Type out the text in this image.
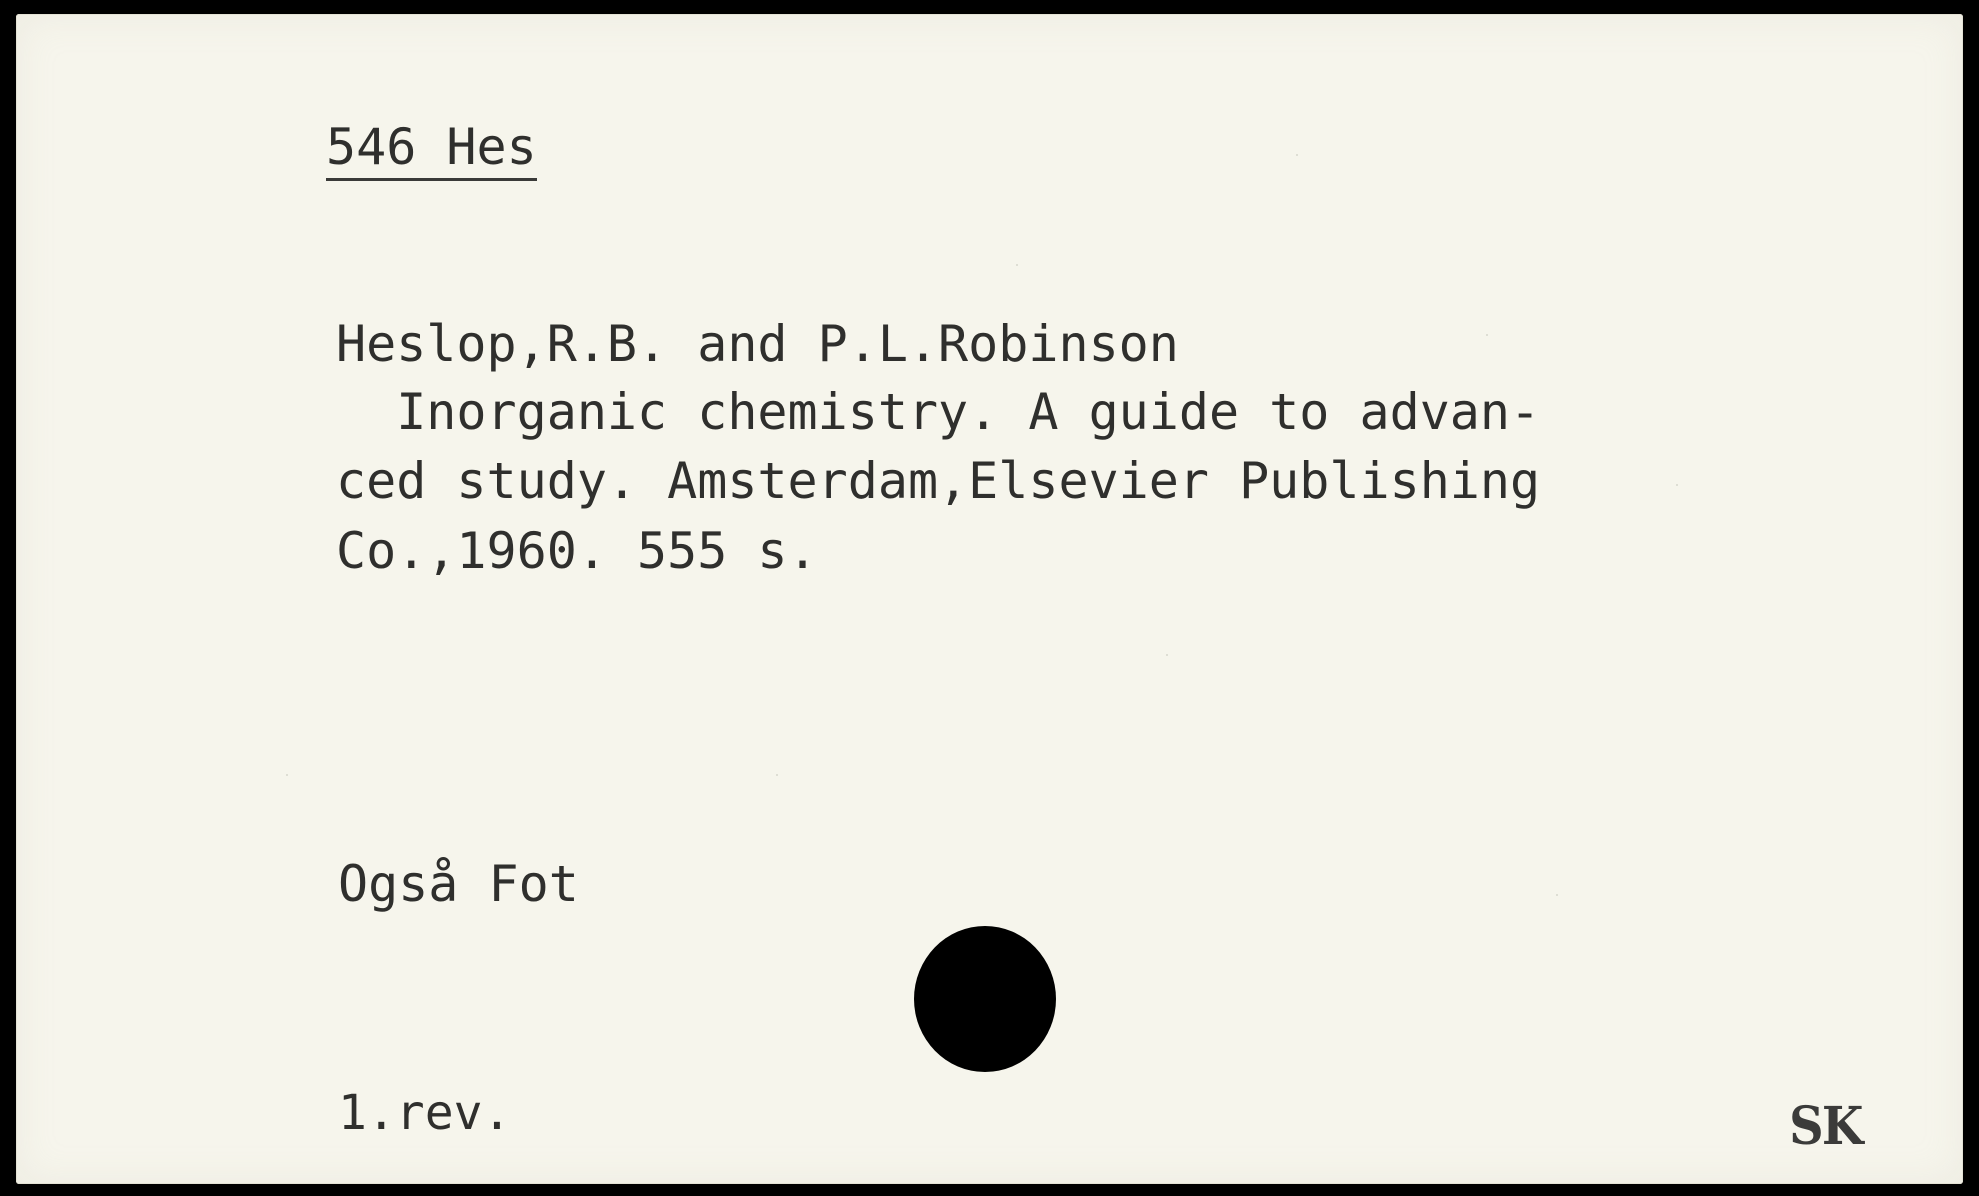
546 Hes
Heslop,R.B. and P.L.Robinson
Inorganic chemistry. A guide to advan-
ced study. Amsterdam,Elsevier Publishing
Co.,1960. 555 s.
Også Fot
1.rev.	SK
